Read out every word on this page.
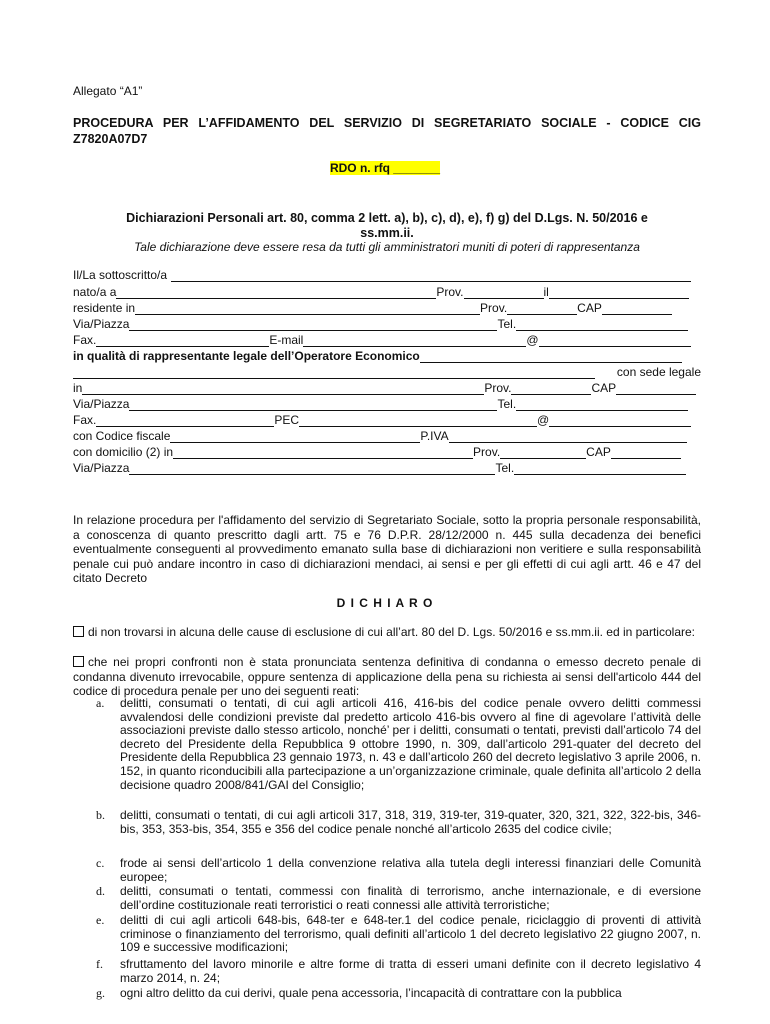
Allegato “A1”
PROCEDURA PER L’AFFIDAMENTO DEL SERVIZIO DI SEGRETARIATO SOCIALE - CODICE CIG Z7820A07D7
RDO n. rfq _______
Dichiarazioni Personali art. 80, comma 2 lett. a), b), c), d), e), f) g) del D.Lgs. N. 50/2016 e
ss.mm.ii.
Tale dichiarazione deve essere resa da tutti gli amministratori muniti di poteri di rappresentanza
Il/La sottoscritto/a
nato/a a	Prov.	il
residente in	Prov.	CAP
Via/Piazza	Tel.
Fax.	E-mail	@
in qualità di rappresentante legale dell’Operatore Economico
con sede legale
in	Prov.	CAP
Via/Piazza	Tel.
Fax.	PEC	@
con Codice fiscale	P.IVA
con domicilio (2) in	Prov.	CAP
Via/Piazza	Tel.
In relazione procedura per l'affidamento del servizio di Segretariato Sociale, sotto la propria personale responsabilità, a conoscenza di quanto prescritto dagli artt. 75 e 76 D.P.R. 28/12/2000 n. 445 sulla decadenza dei benefici eventualmente conseguenti al provvedimento emanato sulla base di dichiarazioni non veritiere e sulla responsabilità penale cui può andare incontro in caso di dichiarazioni mendaci, ai sensi e per gli effetti di cui agli artt. 46 e 47 del citato Decreto
D I C H I A R O
di non trovarsi in alcuna delle cause di esclusione di cui all’art. 80 del D. Lgs. 50/2016 e ss.mm.ii. ed in particolare:
che nei propri confronti non è stata pronunciata sentenza definitiva di condanna o emesso decreto penale di condanna divenuto irrevocabile, oppure sentenza di applicazione della pena su richiesta ai sensi dell'articolo 444 del codice di procedura penale per uno dei seguenti reati:
a.	delitti, consumati o tentati, di cui agli articoli 416, 416-bis del codice penale ovvero delitti commessi avvalendosi delle condizioni previste dal predetto articolo 416-bis ovvero al fine di agevolare l’attività delle associazioni previste dallo stesso articolo, nonché’ per i delitti, consumati o tentati, previsti dall’articolo 74 del decreto del Presidente della Repubblica 9 ottobre 1990, n. 309, dall’articolo 291-quater del decreto del Presidente della Repubblica 23 gennaio 1973, n. 43 e dall’articolo 260 del decreto legislativo 3 aprile 2006, n. 152, in quanto riconducibili alla partecipazione a un’organizzazione criminale, quale definita all’articolo 2 della decisione quadro 2008/841/GAI del Consiglio;
b.	delitti, consumati o tentati, di cui agli articoli 317, 318, 319, 319-ter, 319-quater, 320, 321, 322, 322-bis, 346-bis, 353, 353-bis, 354, 355 e 356 del codice penale nonché all’articolo 2635 del codice civile;
c.	frode ai sensi dell’articolo 1 della convenzione relativa alla tutela degli interessi finanziari delle Comunità europee;
d.	delitti, consumati o tentati, commessi con finalità di terrorismo, anche internazionale, e di eversione dell’ordine costituzionale reati terroristici o reati connessi alle attività terroristiche;
e.	delitti di cui agli articoli 648-bis, 648-ter e 648-ter.1 del codice penale, riciclaggio di proventi di attività criminose o finanziamento del terrorismo, quali definiti all’articolo 1 del decreto legislativo 22 giugno 2007, n. 109 e successive modificazioni;
f.	sfruttamento del lavoro minorile e altre forme di tratta di esseri umani definite con il decreto legislativo 4 marzo 2014, n. 24;
g.	ogni altro delitto da cui derivi, quale pena accessoria, l’incapacità di contrattare con la pubblica
